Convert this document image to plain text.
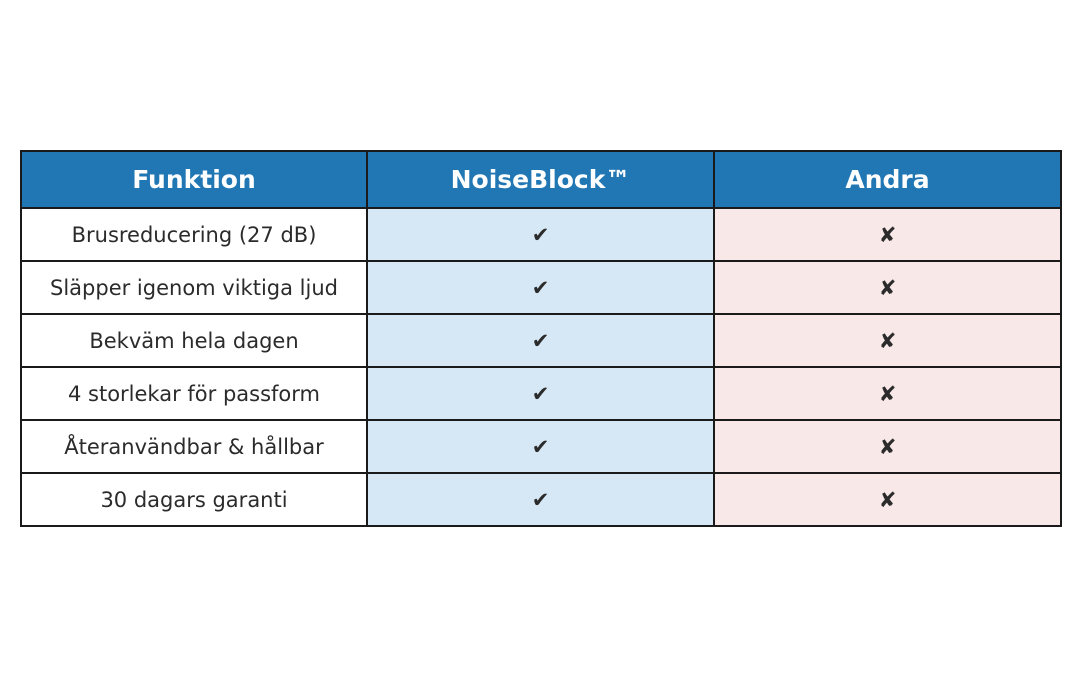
Funktion	NoiseBlock™	Andra
Brusreducering (27 dB)	✔	✘
Släpper igenom viktiga ljud	✔	✘
Bekväm hela dagen	✔	✘
4 storlekar för passform	✔	✘
Återanvändbar & hållbar	✔	✘
30 dagars garanti	✔	✘
